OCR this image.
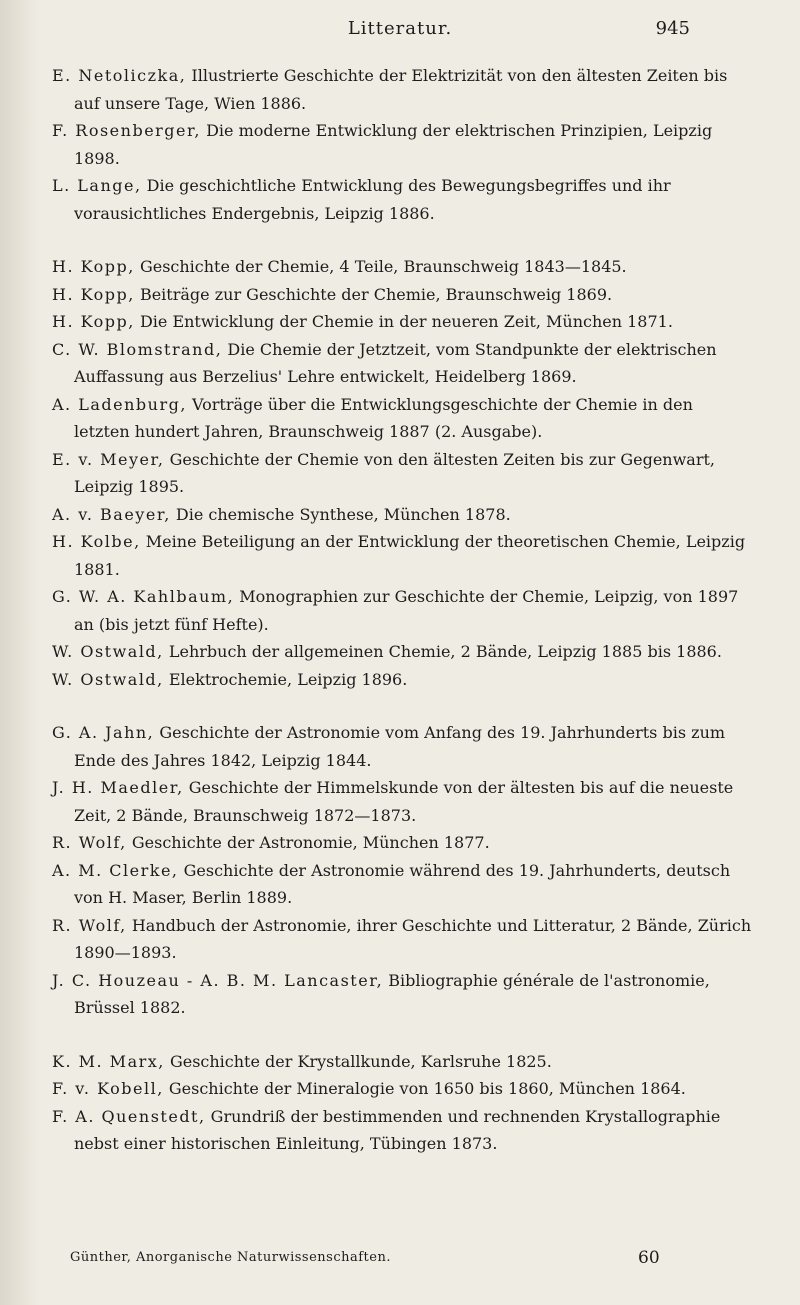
Litteratur.	945

E. Netoliczka, Illustrierte Geschichte der Elektrizität von den ältesten Zeiten bis auf unsere Tage, Wien 1886.

F. Rosenberger, Die moderne Entwicklung der elektrischen Prinzipien, Leipzig 1898.

L. Lange, Die geschichtliche Entwicklung des Bewegungsbegriffes und ihr vorausichtliches Endergebnis, Leipzig 1886.

H. Kopp, Geschichte der Chemie, 4 Teile, Braunschweig 1843—1845.

H. Kopp, Beiträge zur Geschichte der Chemie, Braunschweig 1869.

H. Kopp, Die Entwicklung der Chemie in der neueren Zeit, München 1871.

C. W. Blomstrand, Die Chemie der Jetztzeit, vom Standpunkte der elektrischen Auffassung aus Berzelius' Lehre entwickelt, Heidelberg 1869.

A. Ladenburg, Vorträge über die Entwicklungsgeschichte der Chemie in den letzten hundert Jahren, Braunschweig 1887 (2. Ausgabe).

E. v. Meyer, Geschichte der Chemie von den ältesten Zeiten bis zur Gegenwart, Leipzig 1895.

A. v. Baeyer, Die chemische Synthese, München 1878.

H. Kolbe, Meine Beteiligung an der Entwicklung der theoretischen Chemie, Leipzig 1881.

G. W. A. Kahlbaum, Monographien zur Geschichte der Chemie, Leipzig, von 1897 an (bis jetzt fünf Hefte).

W. Ostwald, Lehrbuch der allgemeinen Chemie, 2 Bände, Leipzig 1885 bis 1886.

W. Ostwald, Elektrochemie, Leipzig 1896.

G. A. Jahn, Geschichte der Astronomie vom Anfang des 19. Jahrhunderts bis zum Ende des Jahres 1842, Leipzig 1844.

J. H. Maedler, Geschichte der Himmelskunde von der ältesten bis auf die neueste Zeit, 2 Bände, Braunschweig 1872—1873.

R. Wolf, Geschichte der Astronomie, München 1877.

A. M. Clerke, Geschichte der Astronomie während des 19. Jahrhunderts, deutsch von H. Maser, Berlin 1889.

R. Wolf, Handbuch der Astronomie, ihrer Geschichte und Litteratur, 2 Bände, Zürich 1890—1893.

J. C. Houzeau - A. B. M. Lancaster, Bibliographie générale de l'astronomie, Brüssel 1882.

K. M. Marx, Geschichte der Krystallkunde, Karlsruhe 1825.

F. v. Kobell, Geschichte der Mineralogie von 1650 bis 1860, München 1864.

F. A. Quenstedt, Grundriß der bestimmenden und rechnenden Krystallographie nebst einer historischen Einleitung, Tübingen 1873.

Günther, Anorganische Naturwissenschaften.	60
